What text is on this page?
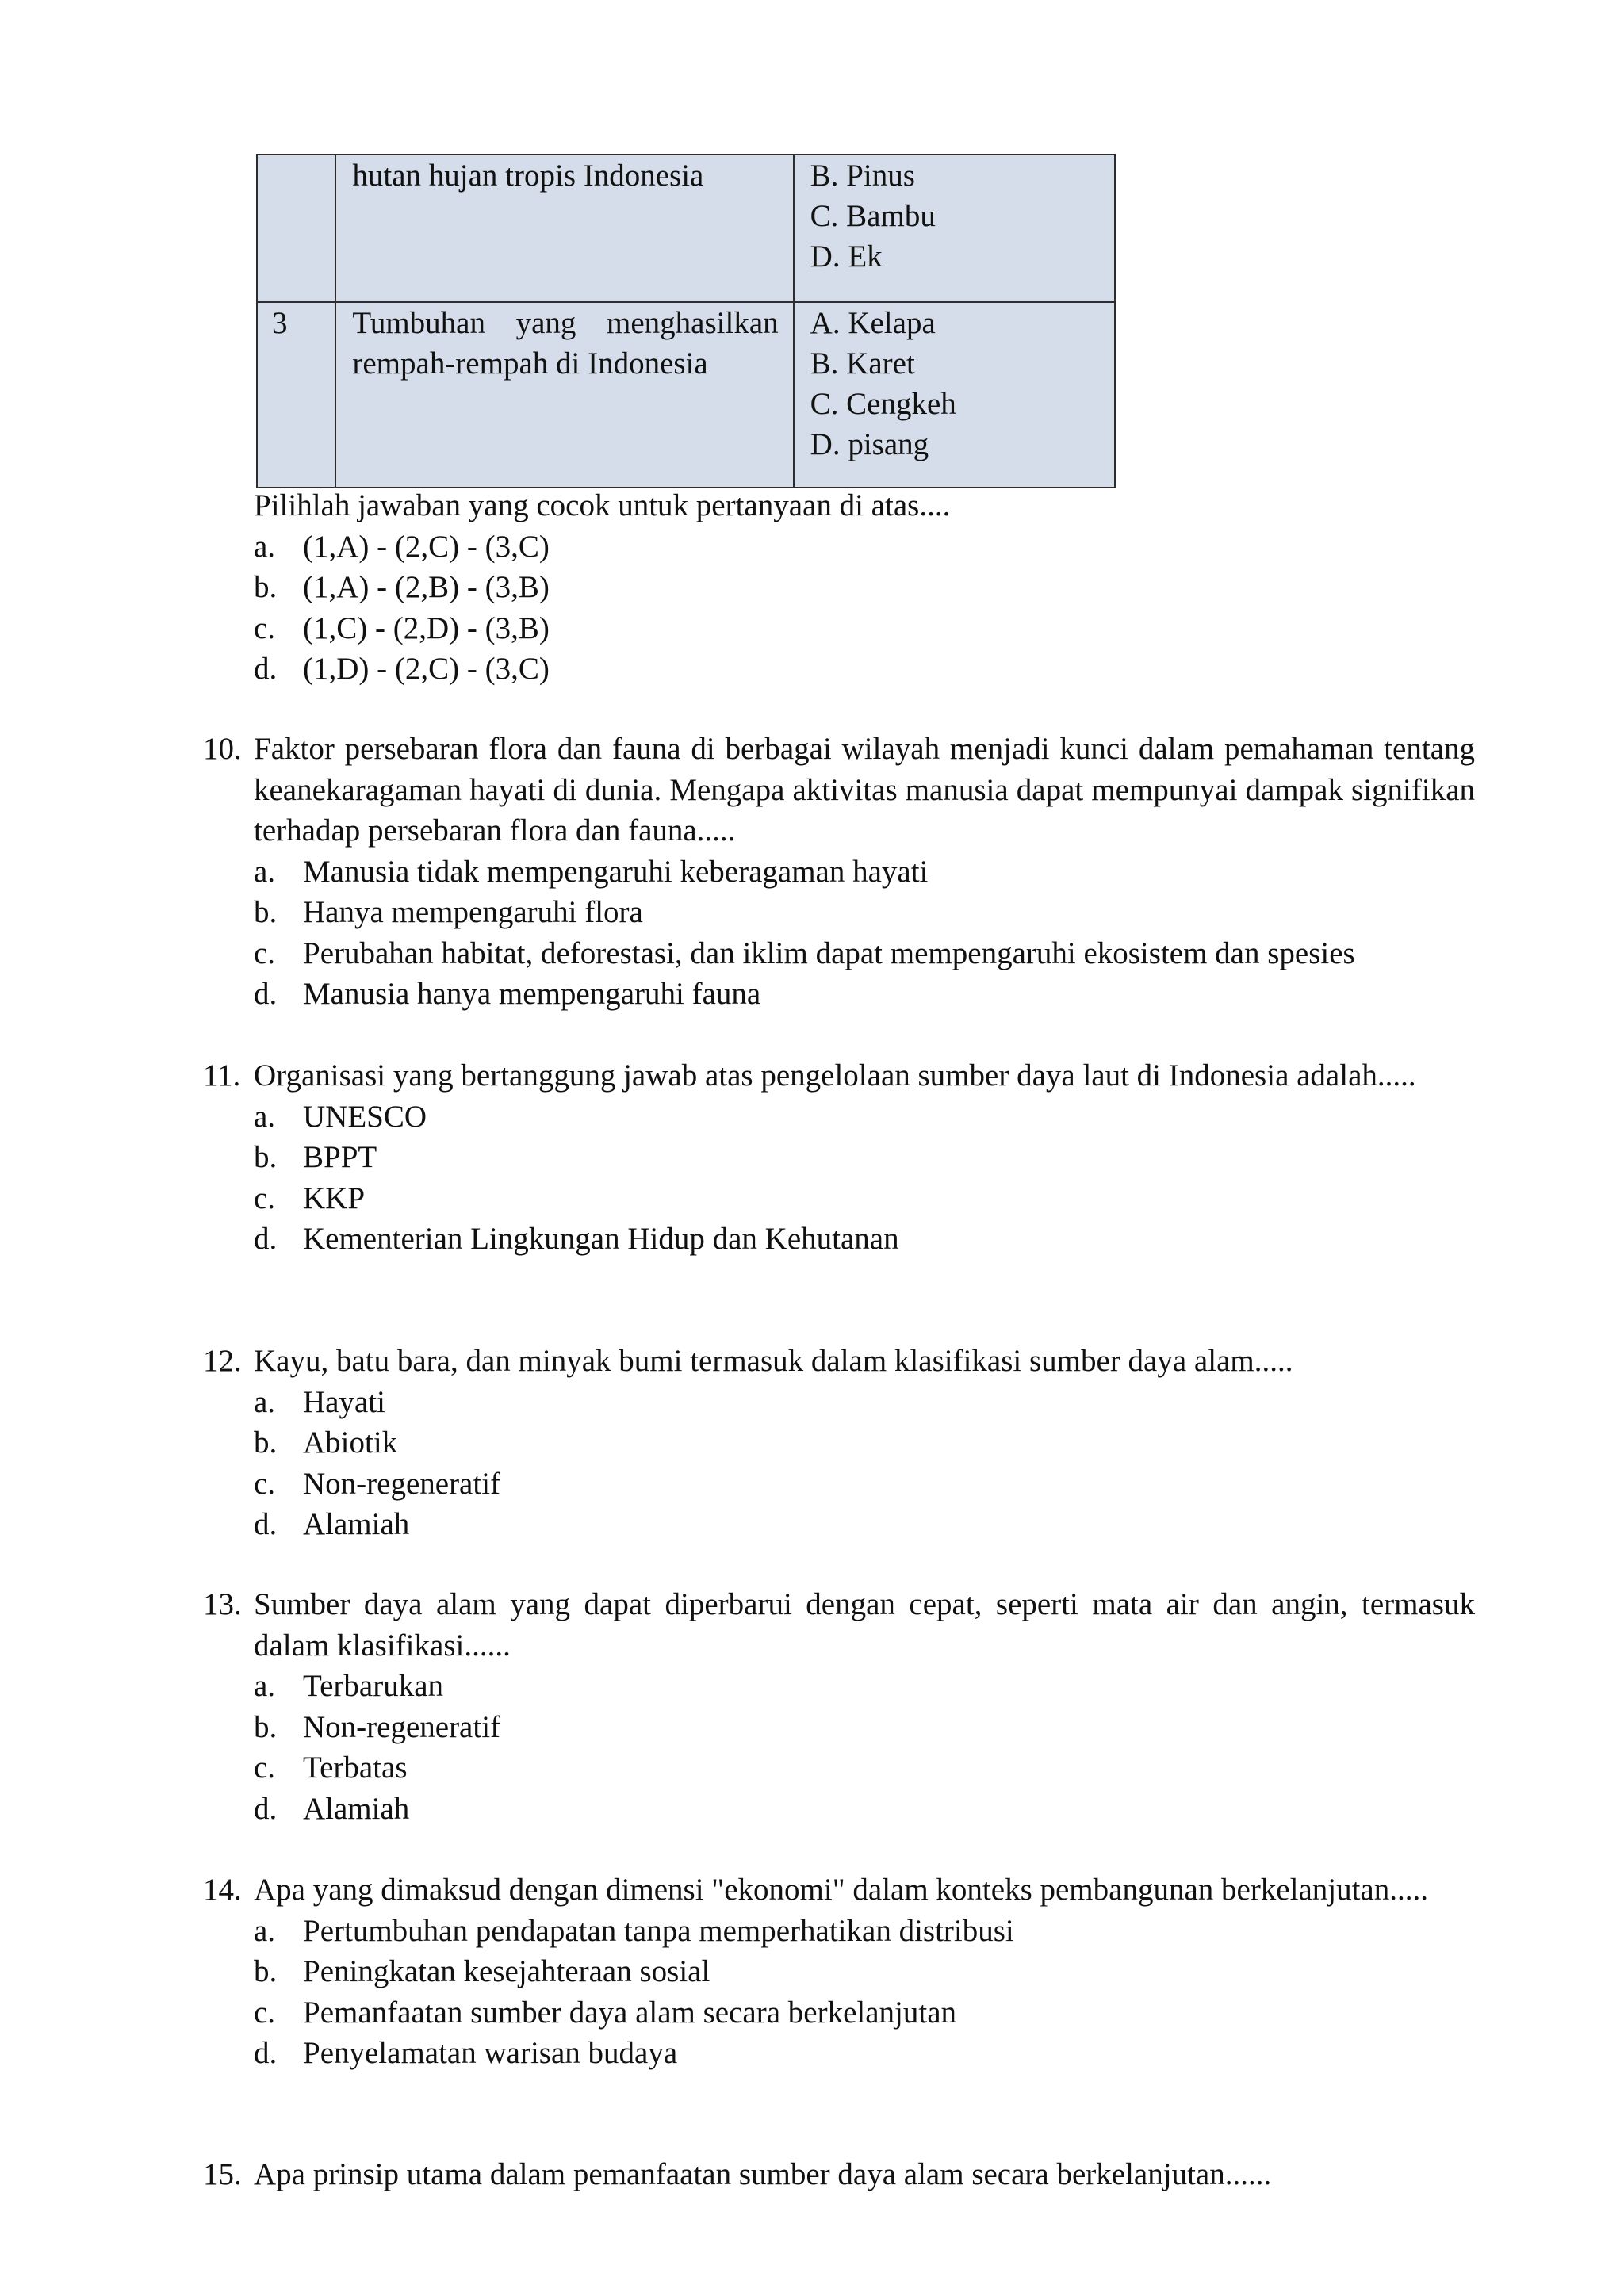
	hutan hujan tropis Indonesia	B. Pinus
C. Bambu
D. Ek

3	Tumbuhan yang menghasilkan rempah-rempah di Indonesia	A. Kelapa
B. Karet
C. Cengkeh
D. pisang
Pilihlah jawaban yang cocok untuk pertanyaan di atas....
a. (1,A) - (2,C) - (3,C)
b. (1,A) - (2,B) - (3,B)
c. (1,C) - (2,D) - (3,B)
d. (1,D) - (2,C) - (3,C)
10. Faktor persebaran flora dan fauna di berbagai wilayah menjadi kunci dalam pemahaman tentang keanekaragaman hayati di dunia. Mengapa aktivitas manusia dapat mempunyai dampak signifikan terhadap persebaran flora dan fauna.....
a. Manusia tidak mempengaruhi keberagaman hayati
b. Hanya mempengaruhi flora
c. Perubahan habitat, deforestasi, dan iklim dapat mempengaruhi ekosistem dan spesies
d. Manusia hanya mempengaruhi fauna
11. Organisasi yang bertanggung jawab atas pengelolaan sumber daya laut di Indonesia adalah.....
a. UNESCO
b. BPPT
c. KKP
d. Kementerian Lingkungan Hidup dan Kehutanan
12. Kayu, batu bara, dan minyak bumi termasuk dalam klasifikasi sumber daya alam.....
a. Hayati
b. Abiotik
c. Non-regeneratif
d. Alamiah
13. Sumber daya alam yang dapat diperbarui dengan cepat, seperti mata air dan angin, termasuk dalam klasifikasi......
a. Terbarukan
b. Non-regeneratif
c. Terbatas
d. Alamiah
14. Apa yang dimaksud dengan dimensi "ekonomi" dalam konteks pembangunan berkelanjutan.....
a. Pertumbuhan pendapatan tanpa memperhatikan distribusi
b. Peningkatan kesejahteraan sosial
c. Pemanfaatan sumber daya alam secara berkelanjutan
d. Penyelamatan warisan budaya
15. Apa prinsip utama dalam pemanfaatan sumber daya alam secara berkelanjutan......
